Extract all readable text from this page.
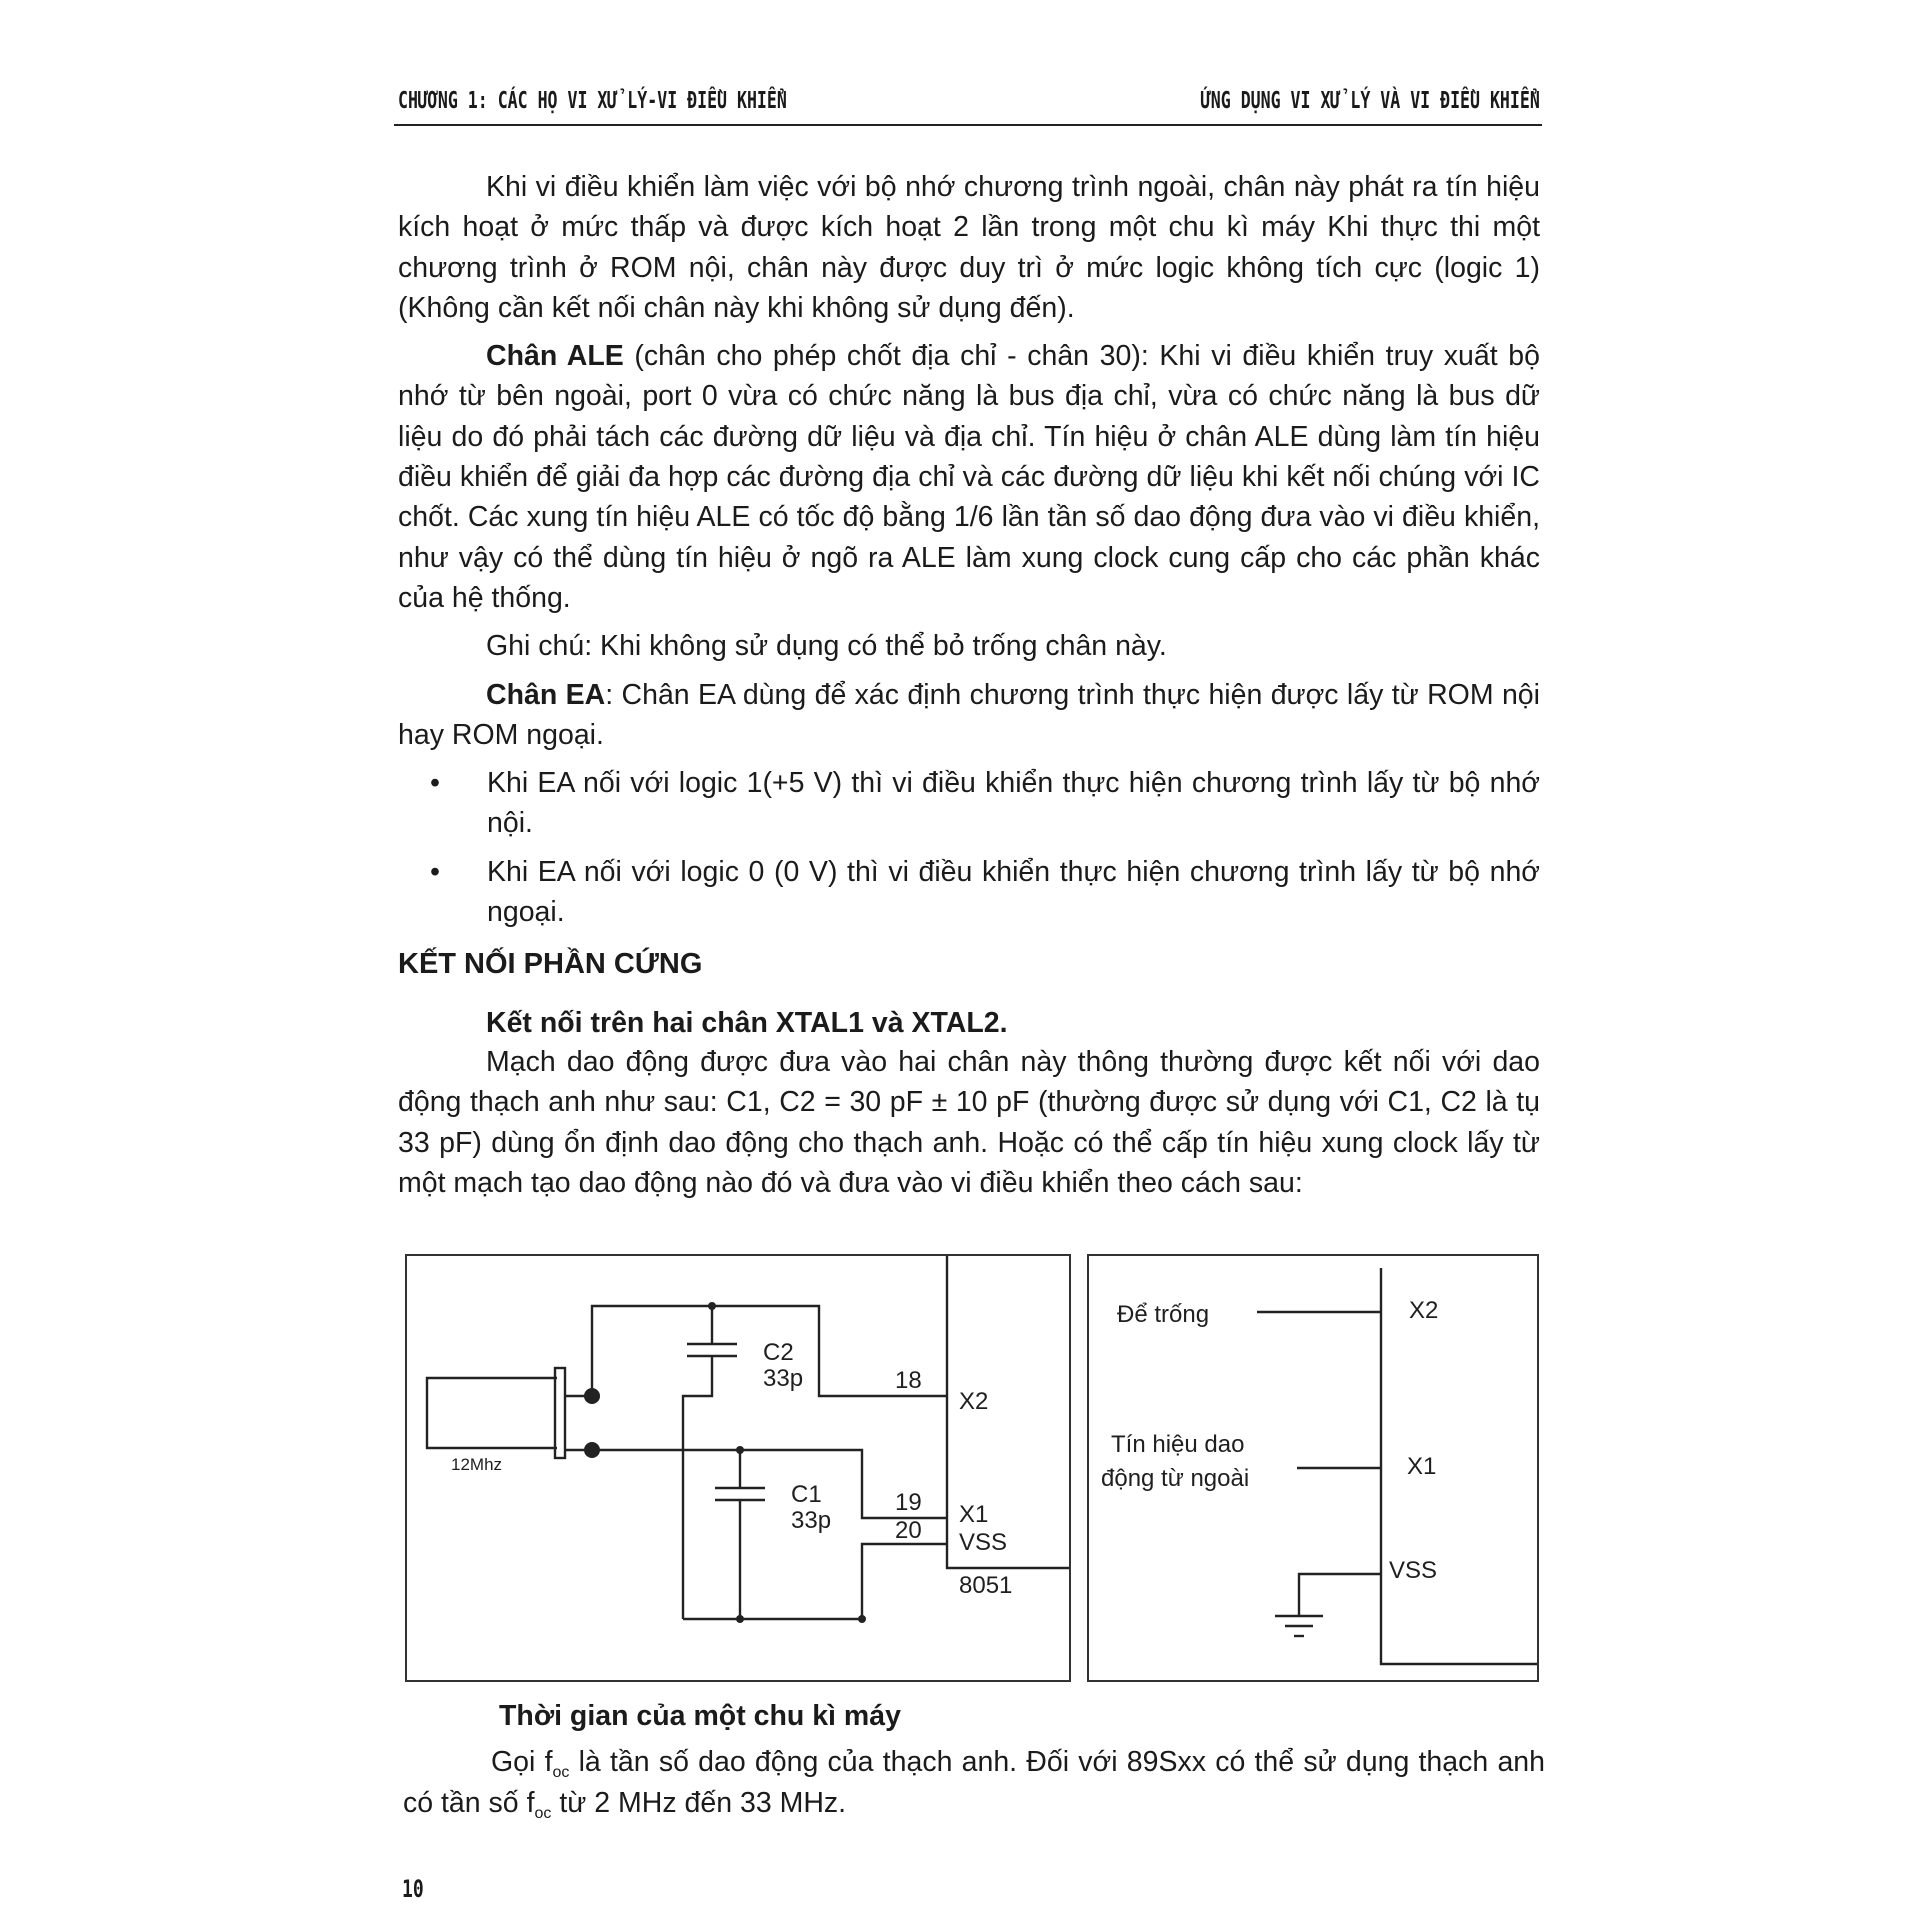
CHƯƠNG 1: CÁC HỌ VI XỬ LÝ-VI ĐIỀU KHIỂN	ỨNG DỤNG VI XỬ LÝ VÀ VI ĐIỀU KHIỂN

Khi vi điều khiển làm việc với bộ nhớ chương trình ngoài, chân này phát ra tín hiệu kích hoạt ở mức thấp và được kích hoạt 2 lần trong một chu kì máy Khi thực thi một chương trình ở ROM nội, chân này được duy trì ở mức logic không tích cực (logic 1) (Không cần kết nối chân này khi không sử dụng đến).

Chân ALE (chân cho phép chốt địa chỉ - chân 30): Khi vi điều khiển truy xuất bộ nhớ từ bên ngoài, port 0 vừa có chức năng là bus địa chỉ, vừa có chức năng là bus dữ liệu do đó phải tách các đường dữ liệu và địa chỉ. Tín hiệu ở chân ALE dùng làm tín hiệu điều khiển để giải đa hợp các đường địa chỉ và các đường dữ liệu khi kết nối chúng với IC chốt. Các xung tín hiệu ALE có tốc độ bằng 1/6 lần tần số dao động đưa vào vi điều khiển, như vậy có thể dùng tín hiệu ở ngõ ra ALE làm xung clock cung cấp cho các phần khác của hệ thống.

Ghi chú: Khi không sử dụng có thể bỏ trống chân này.

Chân EA: Chân EA dùng để xác định chương trình thực hiện được lấy từ ROM nội hay ROM ngoại.

• Khi EA nối với logic 1(+5 V) thì vi điều khiển thực hiện chương trình lấy từ bộ nhớ nội.
• Khi EA nối với logic 0 (0 V) thì vi điều khiển thực hiện chương trình lấy từ bộ nhớ ngoại.

KẾT NỐI PHẦN CỨNG

Kết nối trên hai chân XTAL1 và XTAL2.

Mạch dao động được đưa vào hai chân này thông thường được kết nối với dao động thạch anh như sau: C1, C2 = 30 pF ± 10 pF (thường được sử dụng với C1, C2 là tụ 33 pF) dùng ổn định dao động cho thạch anh. Hoặc có thể cấp tín hiệu xung clock lấy từ một mạch tạo dao động nào đó và đưa vào vi điều khiển theo cách sau:

12Mhz
C2
33p
C1
33p
18
19
20
X2
X1
VSS
8051
Để trống	X2
Tín hiệu dao
động từ ngoài	X1
VSS

Thời gian của một chu kì máy

Gọi $f_{oc}$ là tần số dao động của thạch anh. Đối với 89Sxx có thể sử dụng thạch anh có tần số $f_{oc}$ từ 2 MHz đến 33 MHz.

10
